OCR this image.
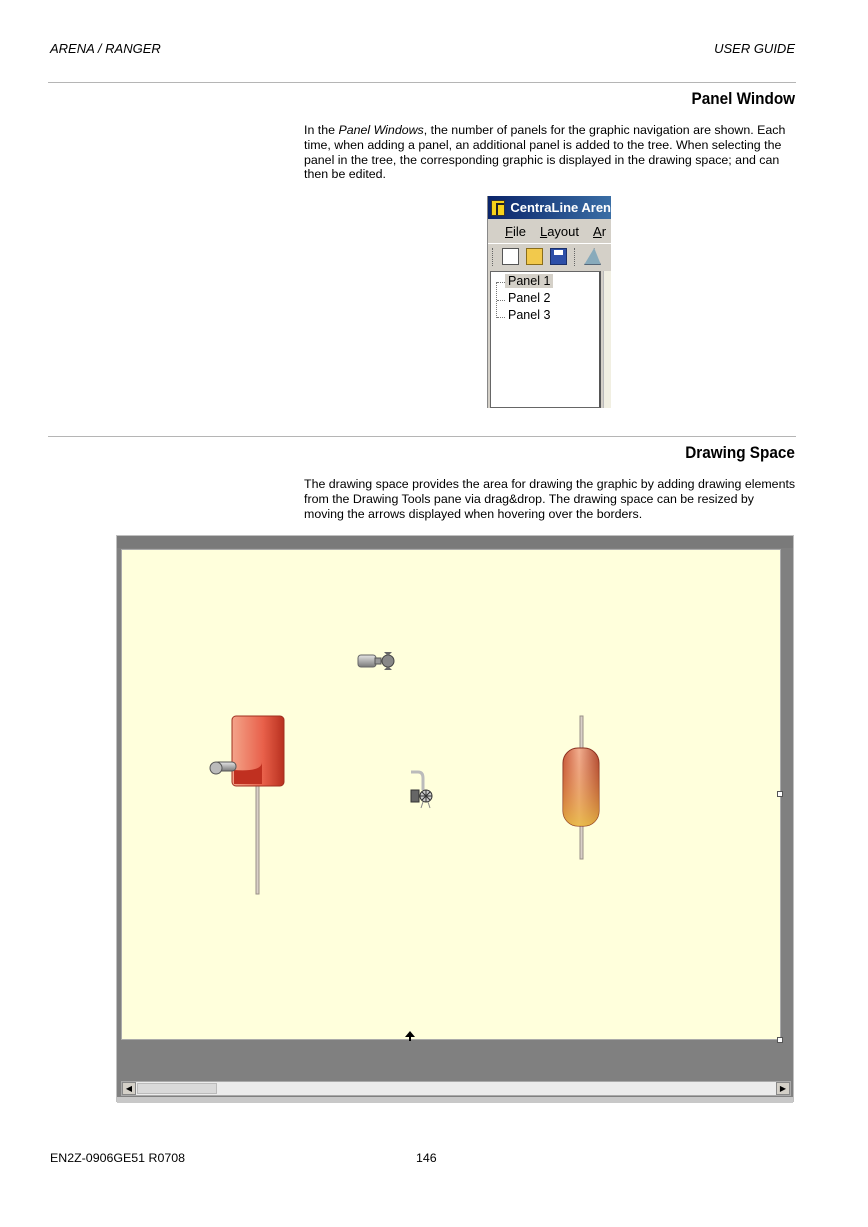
ARENA / RANGER	USER GUIDE
Panel Window
In the Panel Windows, the number of panels for the graphic navigation are shown. Each time, when adding a panel, an additional panel is added to the tree. When selecting the panel in the tree, the corresponding graphic is displayed in the drawing space; and can then be edited.
CentraLine Aren
File Layout Ar
Panel 1
Panel 2
Panel 3
Drawing Space
The drawing space provides the area for drawing the graphic by adding drawing elements from the Drawing Tools pane via drag&drop. The drawing space can be resized by moving the arrows displayed when hovering over the borders.
◀	▶
EN2Z-0906GE51 R0708	146
